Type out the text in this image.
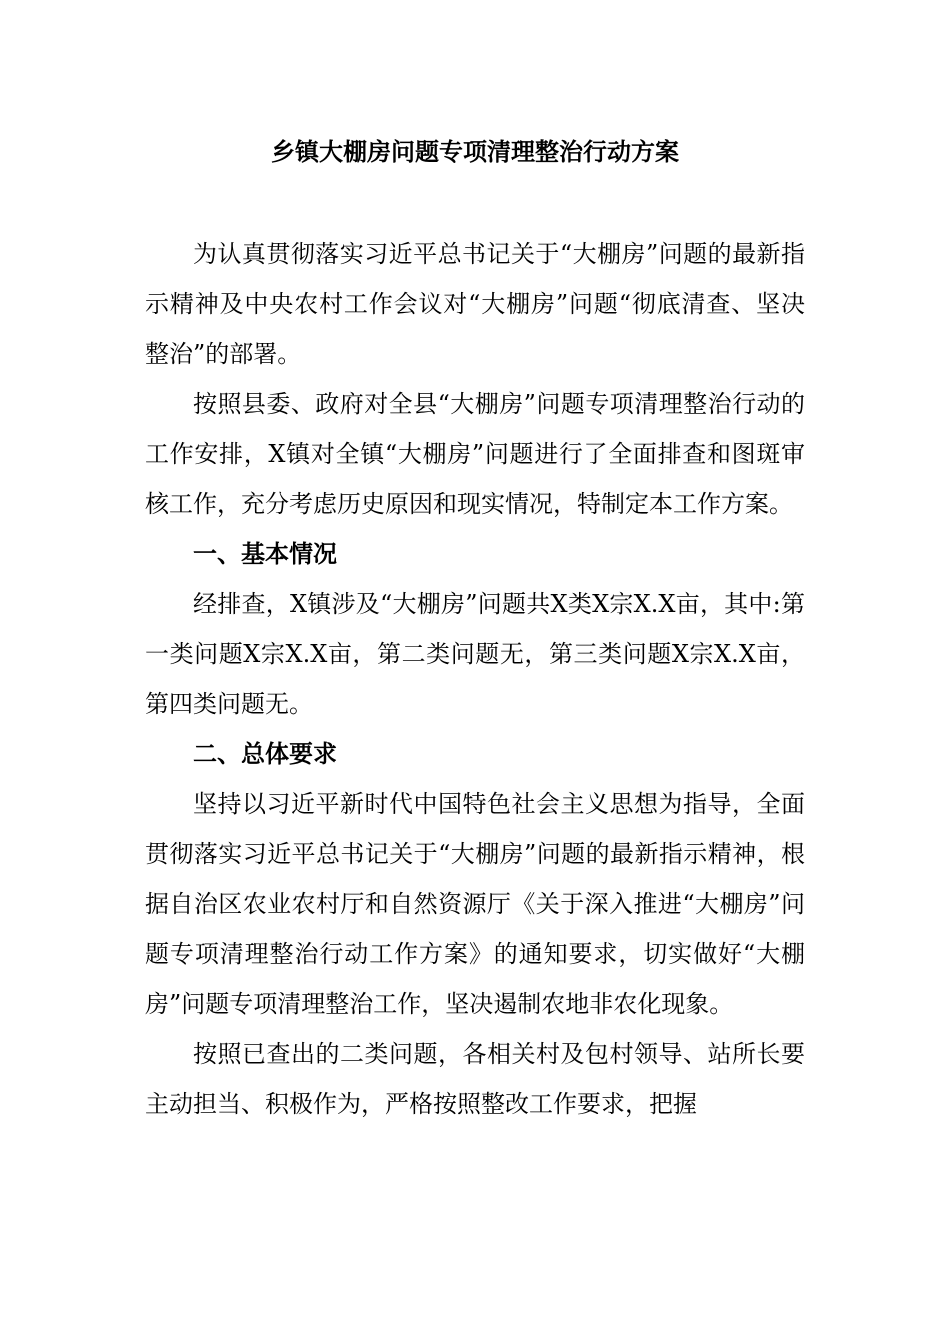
乡镇大棚房问题专项清理整治行动方案

为认真贯彻落实习近平总书记关于“大棚房”问题的最新指示精神及中央农村工作会议对“大棚房”问题“彻底清查、坚决整治”的部署。

按照县委、政府对全县“大棚房”问题专项清理整治行动的工作安排，X镇对全镇“大棚房”问题进行了全面排查和图斑审核工作，充分考虑历史原因和现实情况，特制定本工作方案。

一、基本情况

经排查，X镇涉及“大棚房”问题共X类X宗X.X亩，其中:第一类问题X宗X.X亩，第二类问题无，第三类问题X宗X.X亩，第四类问题无。

二、总体要求

坚持以习近平新时代中国特色社会主义思想为指导，全面贯彻落实习近平总书记关于“大棚房”问题的最新指示精神，根据自治区农业农村厅和自然资源厅《关于深入推进“大棚房”问题专项清理整治行动工作方案》的通知要求，切实做好“大棚房”问题专项清理整治工作，坚决遏制农地非农化现象。

按照已查出的二类问题，各相关村及包村领导、站所长要主动担当、积极作为，严格按照整改工作要求，把握
